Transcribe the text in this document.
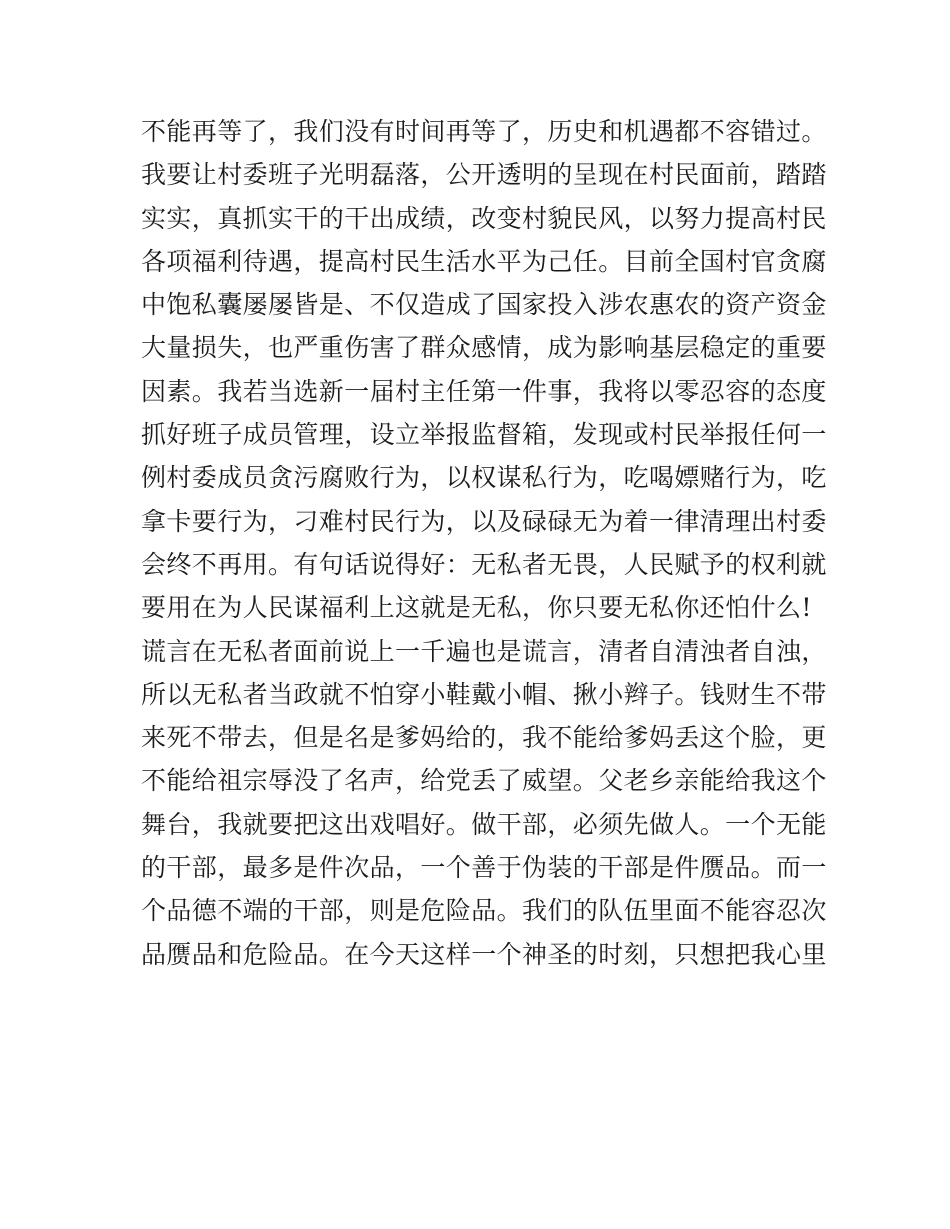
不能再等了，我们没有时间再等了，历史和机遇都不容错过。
我要让村委班子光明磊落，公开透明的呈现在村民面前，踏踏
实实，真抓实干的干出成绩，改变村貌民风，以努力提高村民
各项福利待遇，提高村民生活水平为己任。目前全国村官贪腐
中饱私囊屡屡皆是、不仅造成了国家投入涉农惠农的资产资金
大量损失，也严重伤害了群众感情，成为影响基层稳定的重要
因素。我若当选新一届村主任第一件事，我将以零忍容的态度
抓好班子成员管理，设立举报监督箱，发现或村民举报任何一
例村委成员贪污腐败行为，以权谋私行为，吃喝嫖赌行为，吃
拿卡要行为，刁难村民行为，以及碌碌无为着一律清理出村委
会终不再用。有句话说得好：无私者无畏，人民赋予的权利就
要用在为人民谋福利上这就是无私，你只要无私你还怕什么!
谎言在无私者面前说上一千遍也是谎言，清者自清浊者自浊，
所以无私者当政就不怕穿小鞋戴小帽、揪小辫子。钱财生不带
来死不带去，但是名是爹妈给的，我不能给爹妈丢这个脸，更
不能给祖宗辱没了名声，给党丢了威望。父老乡亲能给我这个
舞台，我就要把这出戏唱好。做干部，必须先做人。一个无能
的干部，最多是件次品，一个善于伪装的干部是件赝品。而一
个品德不端的干部，则是危险品。我们的队伍里面不能容忍次
品赝品和危险品。在今天这样一个神圣的时刻，只想把我心里
